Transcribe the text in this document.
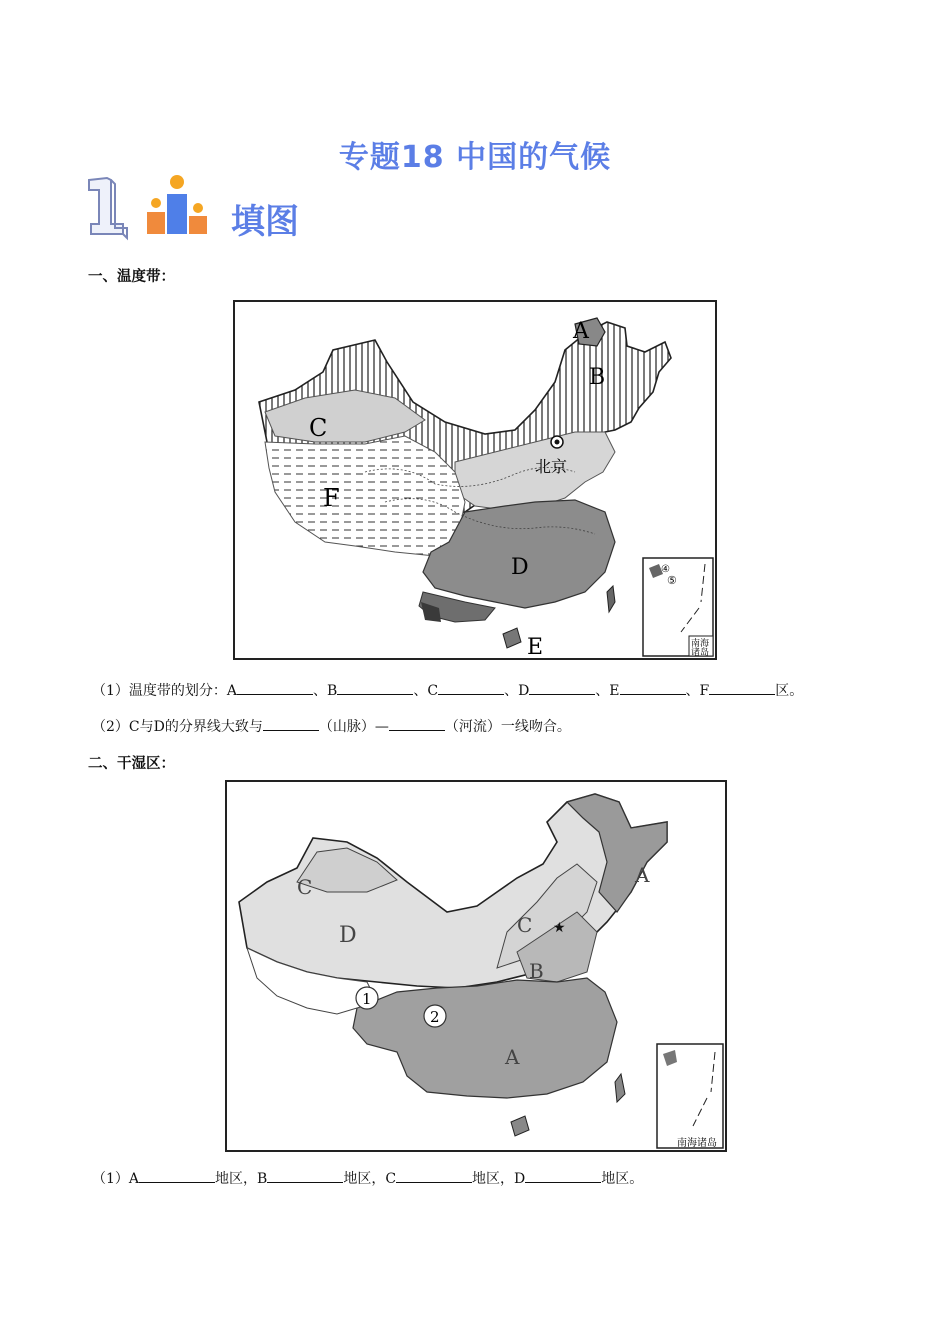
专题18 中国的气候
填图
一、温度带：
北京
A
B
C
D
E
F
④
⑤
南海
诸岛
（1）温度带的划分：A	、B	、C	、D	、E	、F	区。
（2）C与D的分界线大致与	（山脉）—	（河流）一线吻合。
二、干湿区：
★
1
2
A
A
B
C
C
D
南海诸岛
（1）A	地区，B	地区，C	地区，D	地区。
